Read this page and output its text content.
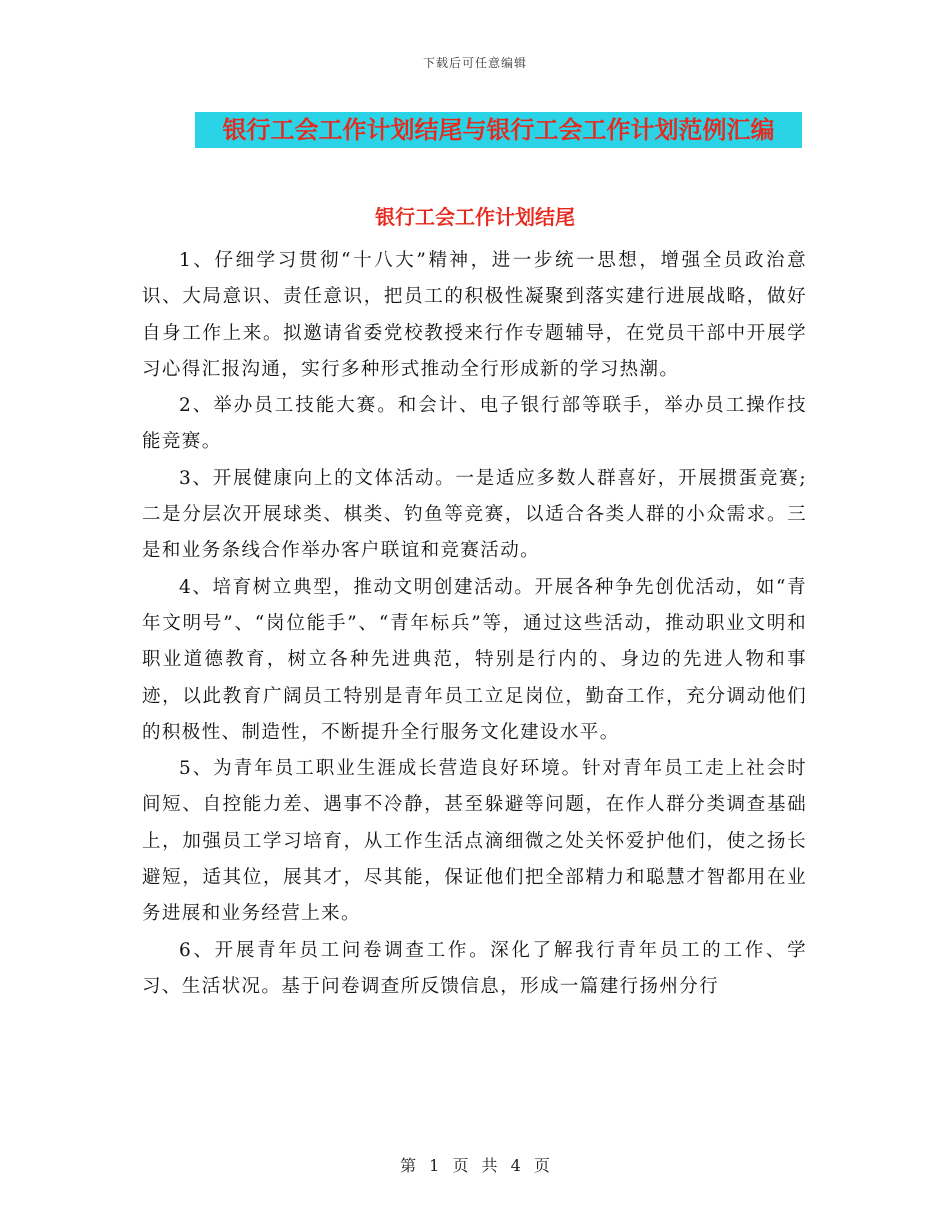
下载后可任意编辑
银行工会工作计划结尾与银行工会工作计划范例汇编
银行工会工作计划结尾

1、仔细学习贯彻“十八大”精神，进一步统一思想，增强全员政治意识、大局意识、责任意识，把员工的积极性凝聚到落实建行进展战略，做好自身工作上来。拟邀请省委党校教授来行作专题辅导，在党员干部中开展学习心得汇报沟通，实行多种形式推动全行形成新的学习热潮。

2、举办员工技能大赛。和会计、电子银行部等联手，举办员工操作技能竞赛。

3、开展健康向上的文体活动。一是适应多数人群喜好，开展掼蛋竞赛;二是分层次开展球类、棋类、钓鱼等竞赛，以适合各类人群的小众需求。三是和业务条线合作举办客户联谊和竞赛活动。

4、培育树立典型，推动文明创建活动。开展各种争先创优活动，如“青年文明号”、“岗位能手”、“青年标兵”等，通过这些活动，推动职业文明和职业道德教育，树立各种先进典范，特别是行内的、身边的先进人物和事迹，以此教育广阔员工特别是青年员工立足岗位，勤奋工作，充分调动他们的积极性、制造性，不断提升全行服务文化建设水平。

5、为青年员工职业生涯成长营造良好环境。针对青年员工走上社会时间短、自控能力差、遇事不冷静，甚至躲避等问题，在作人群分类调查基础上，加强员工学习培育，从工作生活点滴细微之处关怀爱护他们，使之扬长避短，适其位，展其才，尽其能，保证他们把全部精力和聪慧才智都用在业务进展和业务经营上来。

6、开展青年员工问卷调查工作。深化了解我行青年员工的工作、学习、生活状况。基于问卷调查所反馈信息，形成一篇建行扬州分行

第 1 页 共 4 页
